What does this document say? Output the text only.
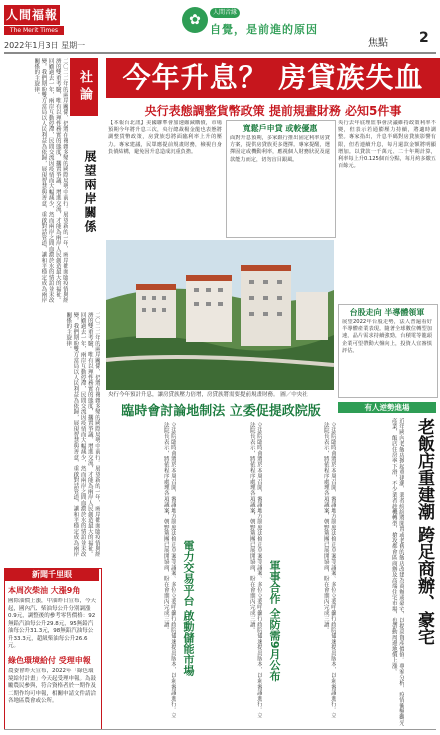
人間福報
The Merit Times
2022年1月3日 星期一
✿	人間音緣
自覺，是前進的原因
焦點 2
社論
展望兩岸關係
二〇二二年的兩岸關係，仍將在複雜多變的國際局勢中前行。展望新的一年，兩岸都面臨疫情與經濟的雙重考驗，唯有以理性務實的態度，擱置爭議、增進交流，才能為兩岸人民創造最大的福祉。回顧過去一年，兩岸互動停滯，民間交流因疫情而大幅減少，然而兩岸之間血濃於水的情誼並未改變。我們期盼雙方當局以人民利益為依歸，展現智慧與善意，重啟對話管道，讓和平穩定成為兩岸關係的主旋律。
二〇二二年的兩岸關係，仍將在複雜多變的國際局勢中前行。展望新的一年，兩岸都面臨疫情與經濟的雙重考驗，唯有以理性務實的態度，擱置爭議、增進交流，才能為兩岸人民創造最大的福祉。回顧過去一年，兩岸互動停滯，民間交流因疫情而大幅減少，然而兩岸之間血濃於水的情誼並未改變。我們期盼雙方當局以人民利益為依歸，展現智慧與善意，重啟對話管道，讓和平穩定成為兩岸關係的主旋律。
新聞千里眼
本周次柴油 大漲9角
國際油價上漲，中油昨日宣布，今天起，國內汽、柴油每公升分別調漲0.9元，調整後的參考零售價格：92無鉛汽油每公升29.8元，95無鉛汽油每公升31.3元，98無鉛汽油每公升33.3元，超級柴油每公升26.6元。
綠色環境給付 受理申報
農委會昨天宣布，2022年「綠色環境給付計畫」今天起受理申報。為鼓勵農民參與，符合資格者於一期作及二期作均可申報，相關申請文件請洽各地區農會或公所。
今年升息？ 房貸族失血
央行表態調整貨幣政策 提前規畫財務 必知5件事
【本報台北訊】美國聯準會加速縮減購債，市場預期今年將升息三次，央行總裁楊金龍也表態將調整貨幣政策，房貸族恐將面臨利率上升的壓力。專家建議，民眾應提前規畫財務，檢視自身負債結構，避免因升息造成沉重負擔。
寬鬆戶申貸 或較優惠
面對升息預期，多家銀行推出固定利率房貸方案，提供房貸族更多選擇。專家提醒，選擇固定或機動利率，應視個人財務狀況及還款能力而定，切勿盲目跟風。
央行去年底理監事會決議維持政策利率不變，但表示若通膨壓力持續，將適時調整。專家指出，升息半碼對房貸族影響有限，但若連續升息，每月還款金額將明顯增加。以貸款一千萬元、二十年期計算，利率每上升0.125個百分點，每月約多繳五百餘元。
央行今年預計升息，讓房貸族壓力倍增，房貸族將需要提前規畫財務。 圖／中央社
台股走向 半導體領軍
展望2022年台股走勢，法人普遍看好半導體產業表現。隨著全球數位轉型加速，晶片需求持續強勁，台積電等龍頭企業可望帶動大盤向上，投資人宜審慎評估。
臨時會討論地制法 立委促提政院版
立法院臨時會將於本周召開，審議地方制度法修正草案等議案。多位立委呼籲行政院儘速提出版本，以利審議進行。立法院長表示，將依程序處理各項議案，朝野黨團已展開協商，盼在會期內完成三讀。	電力交易平台 啟動儲能市場	立法院臨時會將於本周召開，審議地方制度法修正草案等議案。多位立委呼籲行政院儘速提出版本，以利審議進行。立法院長表示，將依程序處理各項議案，朝野黨團已展開協商，盼在會期內完成三讀。	軍事合作 全防需9月公布	立法院臨時會將於本周召開，審議地方制度法修正草案等議案。多位立委呼籲行政院儘速提出版本，以利審議進行。立法院長表示，將依程序處理各項議案，朝野黨團已展開協商，盼在會期內完成三讀。
有人逆勢進場
老飯店重建潮 跨足商辦、豪宅
近年國內老飯店掀起重建潮，業者紛紛將閒置或老舊的飯店改建為商辦或豪宅，以提高資產價值。專家分析，疫情衝擊觀光產業，飯店住房率下滑，不少業者趁機轉型，搶攻都會區商辦及高端住宅市場，也帶動周邊地價上漲。
